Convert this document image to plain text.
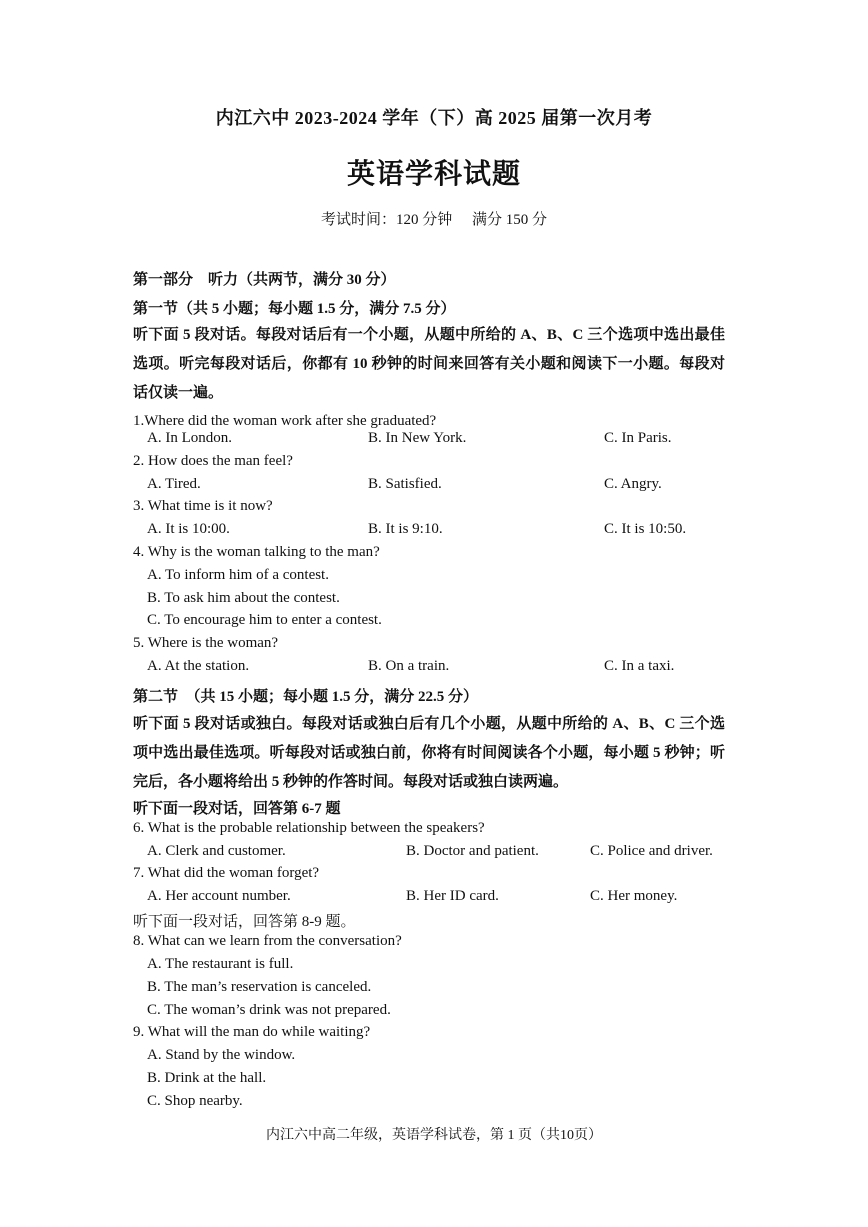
内江六中 2023-2024 学年（下）高 2025 届第一次月考
英语学科试题
考试时间：120 分钟 满分 150 分
第一部分　听力（共两节，满分 30 分）
第一节（共 5 小题；每小题 1.5 分，满分 7.5 分）
听下面 5 段对话。每段对话后有一个小题，从题中所给的 A、B、C 三个选项中选出最佳选项。听完每段对话后，你都有 10 秒钟的时间来回答有关小题和阅读下一小题。每段对话仅读一遍。
1.Where did the woman work after she graduated?
A. In London.	B. In New York.	C. In Paris.
2. How does the man feel?
A. Tired.	B. Satisfied.	C. Angry.
3. What time is it now?
A. It is 10:00.	B. It is 9:10.	C. It is 10:50.
4. Why is the woman talking to the man?
A. To inform him of a contest.
B. To ask him about the contest.
C. To encourage him to enter a contest.
5. Where is the woman?
A. At the station.	B. On a train.	C. In a taxi.
第二节　（共 15 小题；每小题 1.5 分，满分 22.5 分）
听下面 5 段对话或独白。每段对话或独白后有几个小题，从题中所给的 A、B、C 三个选项中选出最佳选项。听每段对话或独白前，你将有时间阅读各个小题，每小题 5 秒钟；听完后，各小题将给出 5 秒钟的作答时间。每段对话或独白读两遍。
听下面一段对话，回答第 6-7 题
6. What is the probable relationship between the speakers?
A. Clerk and customer.	B. Doctor and patient.	C. Police and driver.
7. What did the woman forget?
A. Her account number.	B. Her ID card.	C. Her money.
听下面一段对话，回答第 8-9 题。
8. What can we learn from the conversation?
A. The restaurant is full.
B. The man’s reservation is canceled.
C. The woman’s drink was not prepared.
9. What will the man do while waiting?
A. Stand by the window.
B. Drink at the hall.
C. Shop nearby.
内江六中高二年级，英语学科试卷，第 1 页（共10页）
